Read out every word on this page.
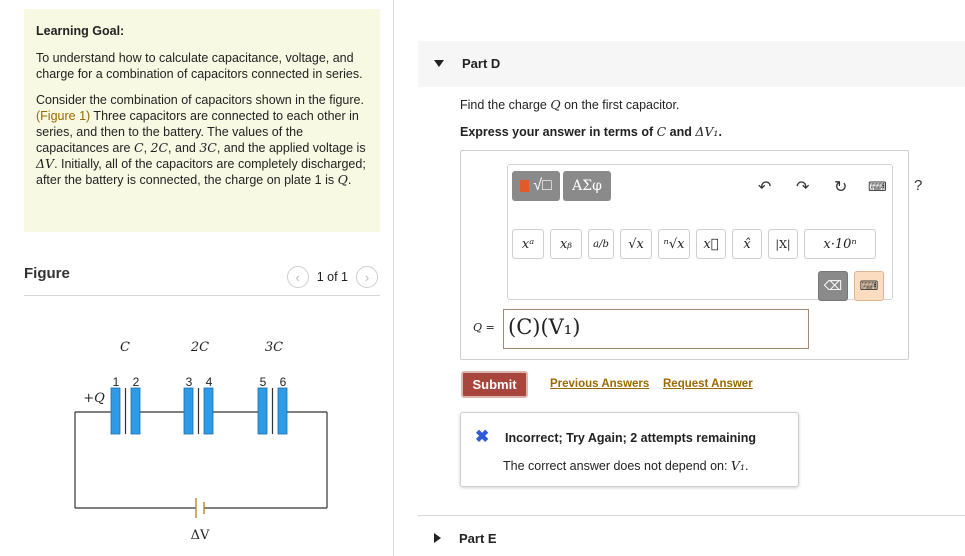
Learning Goal:
To understand how to calculate capacitance, voltage, and charge for a combination of capacitors connected in series.
Consider the combination of capacitors shown in the figure.(Figure 1) Three capacitors are connected to each other in series, and then to the battery. The values of the capacitances are C, 2C, and 3C, and the applied voltage is ΔV. Initially, all of the capacitors are completely discharged; after the battery is connected, the charge on plate 1 is Q.
Figure	‹ 1 of 1 ›
C	2C	3C
+Q
ΔV
1 2	3 4	5 6
Part D
Find the charge Q on the first capacitor.
Express your answer in terms of C and ΔV₁.
√□ ΑΣφ	↶ ↷ ↻ ⌨ ?
xᵃ	xᵦ	a/b	√x	ⁿ√x	x⃗	x̂	|X|	x·10ⁿ
⌫ ⌨
Q = (C)(V₁)
Submit	Previous Answers Request Answer
✖ Incorrect; Try Again; 2 attempts remaining
The correct answer does not depend on: V₁.
Part E
